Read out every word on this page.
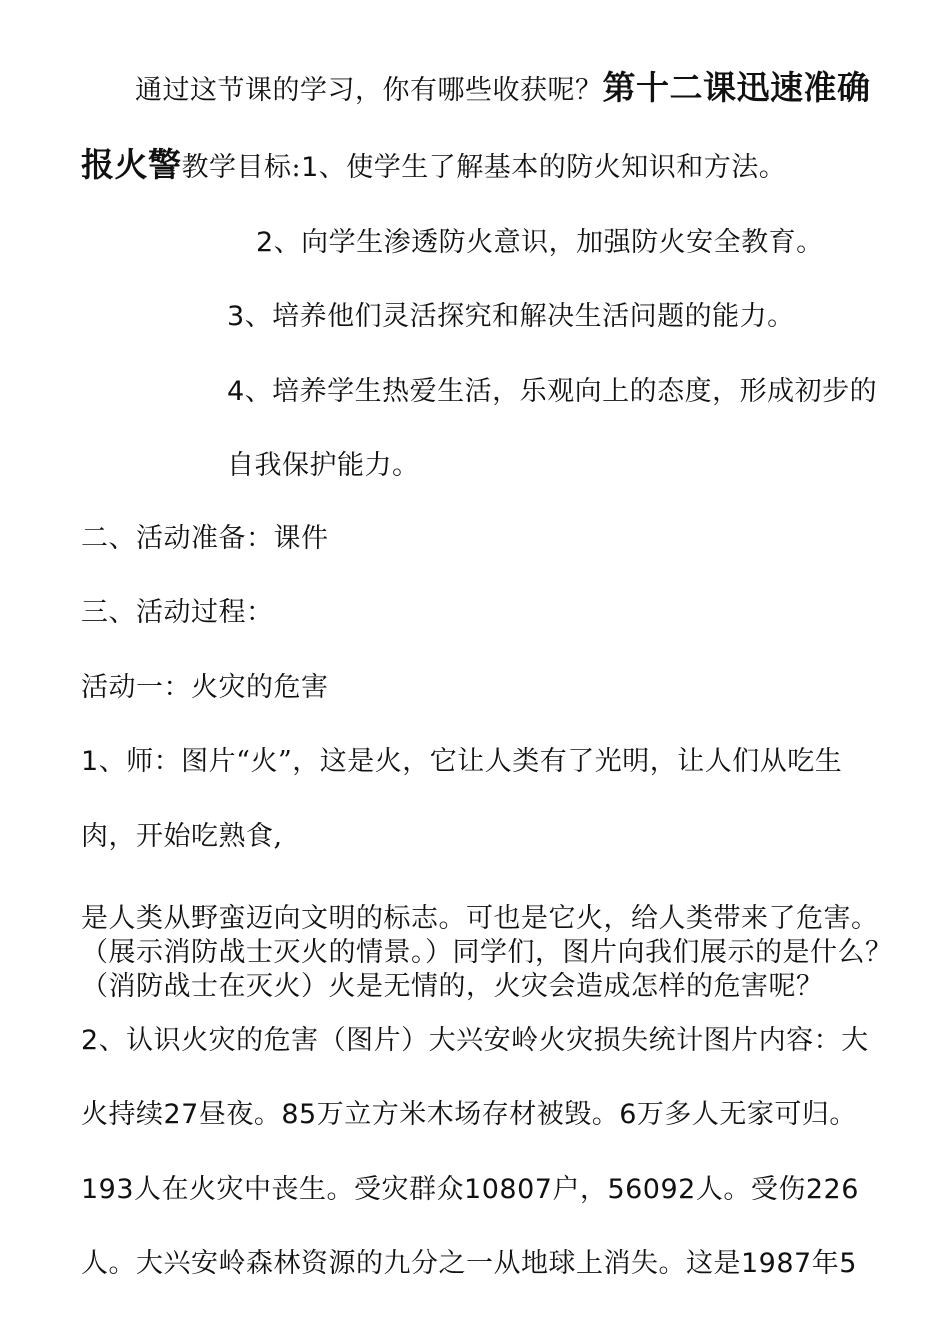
通过这节课的学习，你有哪些收获呢？第十二课迅速准确
报火警教学目标:1、使学生了解基本的防火知识和方法。
2、向学生渗透防火意识，加强防火安全教育。
3、培养他们灵活探究和解决生活问题的能力。
4、培养学生热爱生活，乐观向上的态度，形成初步的
自我保护能力。
二、活动准备：课件
三、活动过程：
活动一：火灾的危害
1、师：图片“火”，这是火，它让人类有了光明，让人们从吃生
肉，开始吃熟食,
是人类从野蛮迈向文明的标志。可也是它火，给人类带来了危害。
（展示消防战士灭火的情景。）同学们，图片向我们展示的是什么？
（消防战士在灭火）火是无情的，火灾会造成怎样的危害呢？
2、认识火灾的危害（图片）大兴安岭火灾损失统计图片内容：大
火持续27昼夜。85万立方米木场存材被毁。6万多人无家可归。
193人在火灾中丧生。受灾群众10807户，56092人。受伤226
人。大兴安岭森林资源的九分之一从地球上消失。这是1987年5
